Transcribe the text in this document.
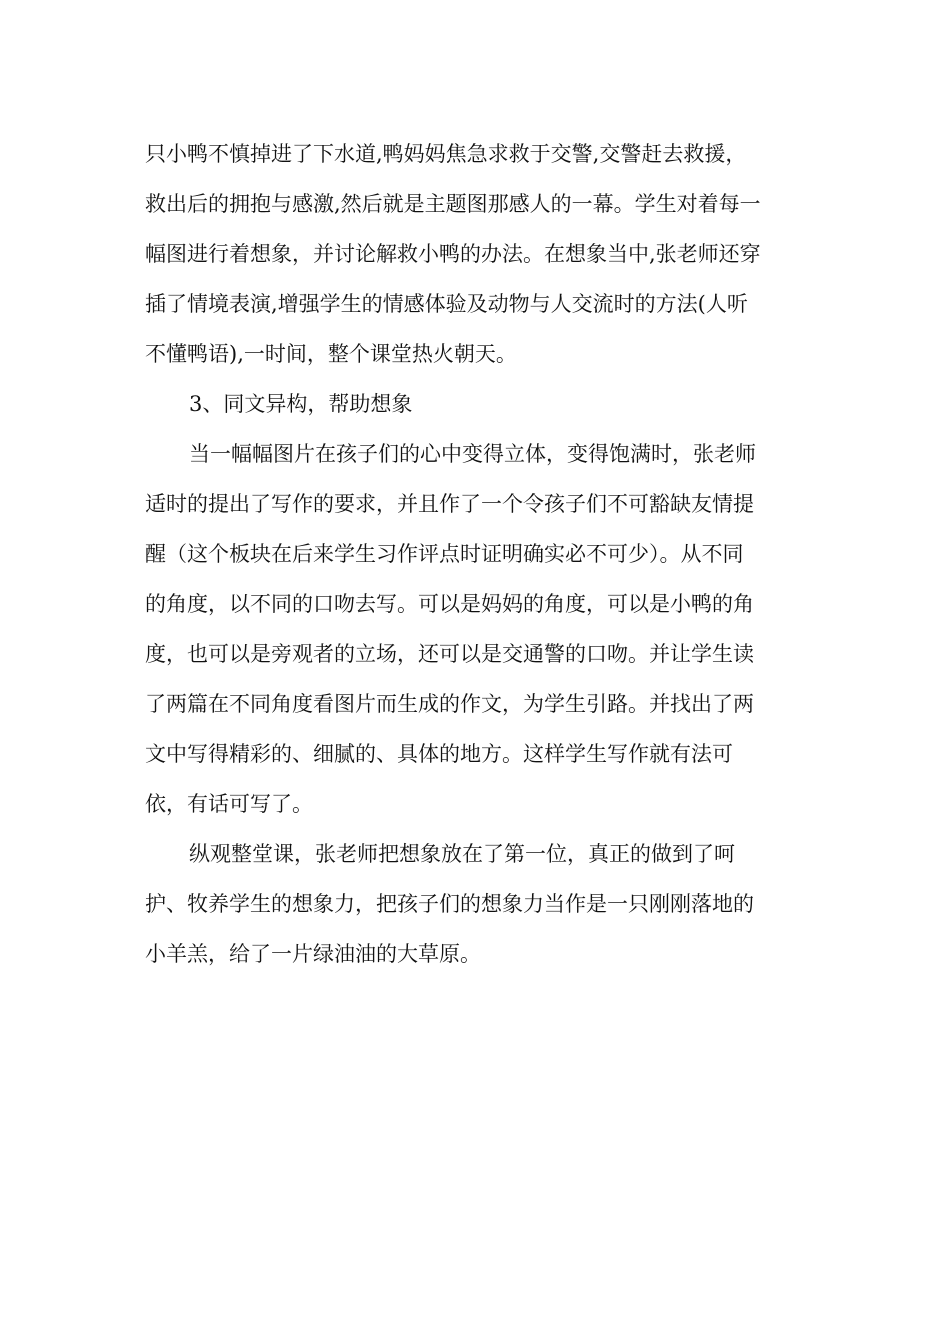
只小鸭不慎掉进了下水道,鸭妈妈焦急求救于交警,交警赶去救援，
救出后的拥抱与感激,然后就是主题图那感人的一幕。学生对着每一
幅图进行着想象，并讨论解救小鸭的办法。在想象当中,张老师还穿
插了情境表演,增强学生的情感体验及动物与人交流时的方法(人听
不懂鸭语),一时间，整个课堂热火朝天。

3、同文异构，帮助想象

当一幅幅图片在孩子们的心中变得立体，变得饱满时，张老师
适时的提出了写作的要求，并且作了一个令孩子们不可豁缺友情提
醒（这个板块在后来学生习作评点时证明确实必不可少）。从不同
的角度，以不同的口吻去写。可以是妈妈的角度，可以是小鸭的角
度，也可以是旁观者的立场，还可以是交通警的口吻。并让学生读
了两篇在不同角度看图片而生成的作文，为学生引路。并找出了两
文中写得精彩的、细腻的、具体的地方。这样学生写作就有法可
依，有话可写了。

纵观整堂课，张老师把想象放在了第一位，真正的做到了呵
护、牧养学生的想象力，把孩子们的想象力当作是一只刚刚落地的
小羊羔，给了一片绿油油的大草原。
